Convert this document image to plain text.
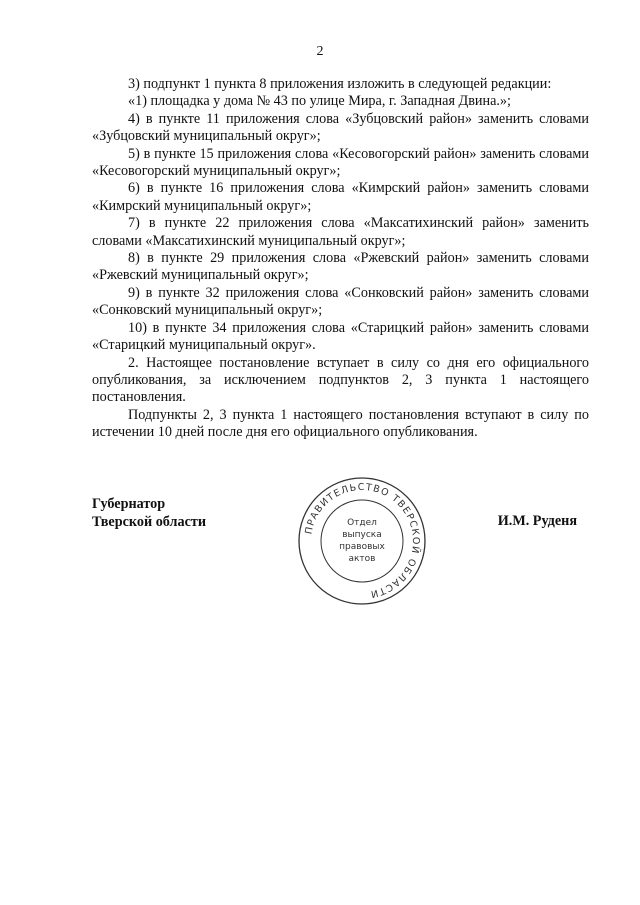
2

3) подпункт 1 пункта 8 приложения изложить в следующей редакции:

«1) площадка у дома № 43 по улице Мира, г. Западная Двина.»;

4) в пункте 11 приложения слова «Зубцовский район» заменить словами «Зубцовский муниципальный округ»;

5) в пункте 15 приложения слова «Кесовогорский район» заменить словами «Кесовогорский муниципальный округ»;

6) в пункте 16 приложения слова «Кимрский район» заменить словами «Кимрский муниципальный округ»;

7) в пункте 22 приложения слова «Максатихинский район» заменить словами «Максатихинский муниципальный округ»;

8) в пункте 29 приложения слова «Ржевский район» заменить словами «Ржевский муниципальный округ»;

9) в пункте 32 приложения слова «Сонковский район» заменить словами «Сонковский муниципальный округ»;

10) в пункте 34 приложения слова «Старицкий район» заменить словами «Старицкий муниципальный округ».

2. Настоящее постановление вступает в силу со дня его официального опубликования, за исключением подпунктов 2, 3 пункта 1 настоящего постановления.

Подпункты 2, 3 пункта 1 настоящего постановления вступают в силу по истечении 10 дней после дня его официального опубликования.

Губернатор
Тверской области
ПРАВИТЕЛЬСТВО ТВЕРСКОЙ ОБЛАСТИ
Отдел
выпуска
правовых
актов
И.М. Руденя
